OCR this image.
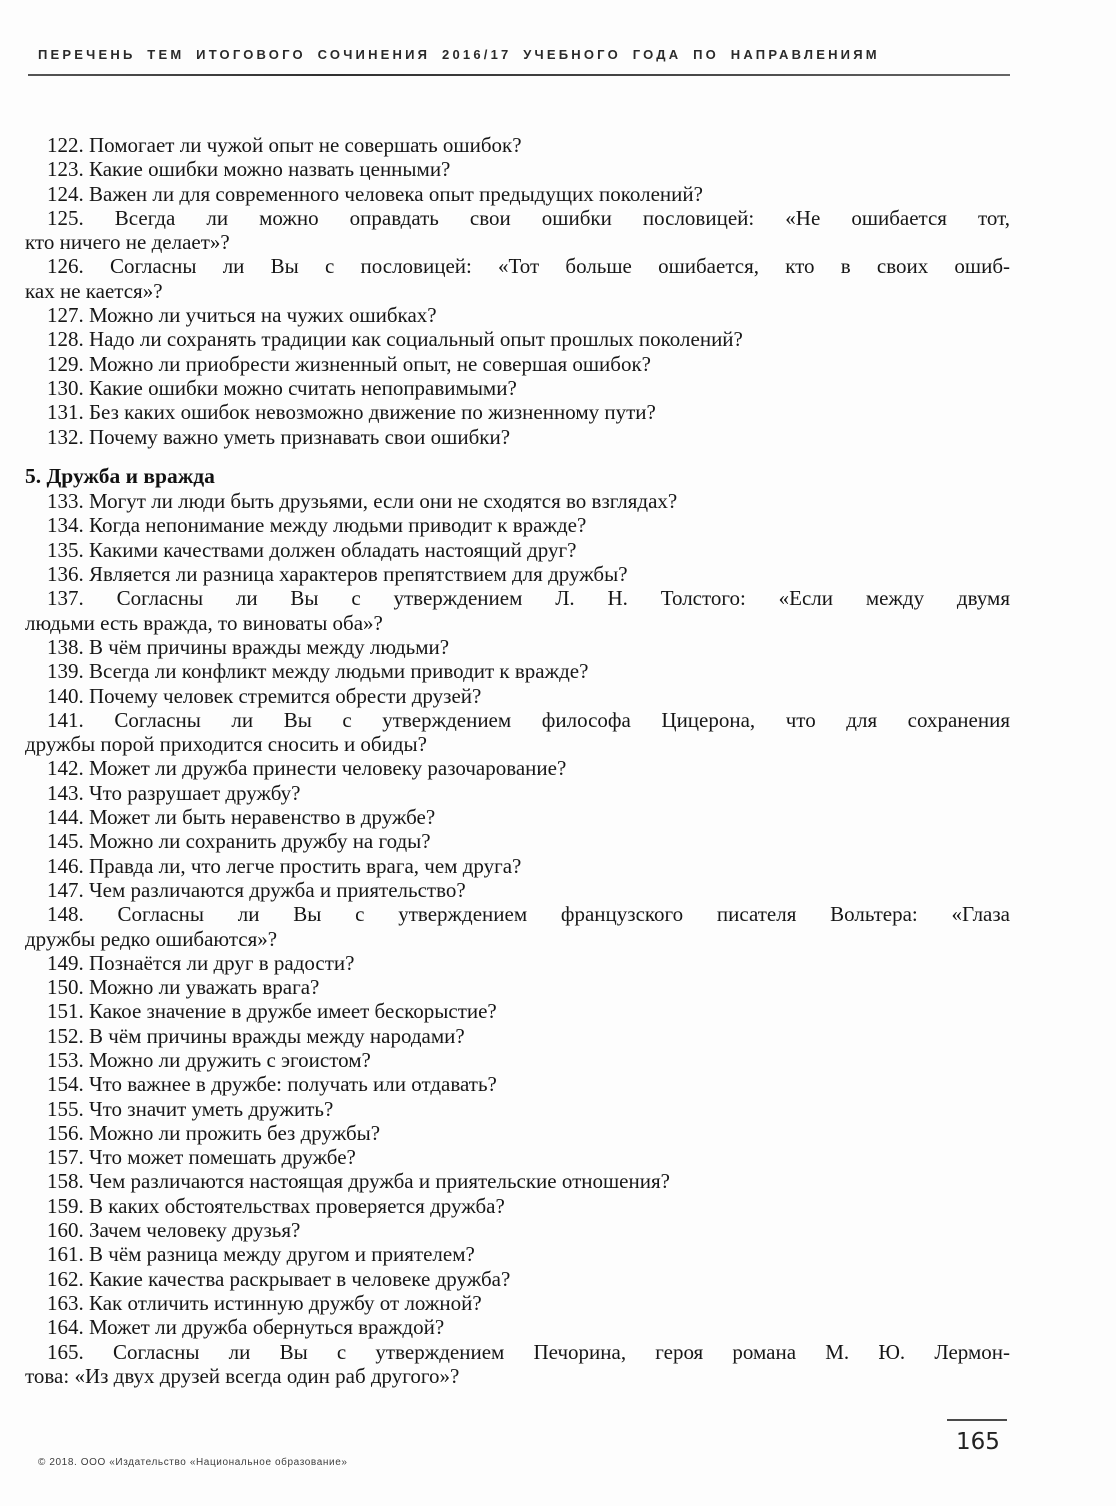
ПЕРЕЧЕНЬ ТЕМ ИТОГОВОГО СОЧИНЕНИЯ 2016/17 УЧЕБНОГО ГОДА ПО НАПРАВЛЕНИЯМ

122. Помогает ли чужой опыт не совершать ошибок?

123. Какие ошибки можно назвать ценными?

124. Важен ли для современного человека опыт предыдущих поколений?

125. Всегда ли можно оправдать свои ошибки пословицей: «Не ошибается тот,
кто ничего не делает»?

126. Согласны ли Вы с пословицей: «Тот больше ошибается, кто в своих ошиб-
ках не кается»?

127. Можно ли учиться на чужих ошибках?

128. Надо ли сохранять традиции как социальный опыт прошлых поколений?

129. Можно ли приобрести жизненный опыт, не совершая ошибок?

130. Какие ошибки можно считать непоправимыми?

131. Без каких ошибок невозможно движение по жизненному пути?

132. Почему важно уметь признавать свои ошибки?

5. Дружба и вражда

133. Могут ли люди быть друзьями, если они не сходятся во взглядах?

134. Когда непонимание между людьми приводит к вражде?

135. Какими качествами должен обладать настоящий друг?

136. Является ли разница характеров препятствием для дружбы?

137. Согласны ли Вы с утверждением Л. Н. Толстого: «Если между двумя
людьми есть вражда, то виноваты оба»?

138. В чём причины вражды между людьми?

139. Всегда ли конфликт между людьми приводит к вражде?

140. Почему человек стремится обрести друзей?

141. Согласны ли Вы с утверждением философа Цицерона, что для сохранения
дружбы порой приходится сносить и обиды?

142. Может ли дружба принести человеку разочарование?

143. Что разрушает дружбу?

144. Может ли быть неравенство в дружбе?

145. Можно ли сохранить дружбу на годы?

146. Правда ли, что легче простить врага, чем друга?

147. Чем различаются дружба и приятельство?

148. Согласны ли Вы с утверждением французского писателя Вольтера: «Глаза
дружбы редко ошибаются»?

149. Познаётся ли друг в радости?

150. Можно ли уважать врага?

151. Какое значение в дружбе имеет бескорыстие?

152. В чём причины вражды между народами?

153. Можно ли дружить с эгоистом?

154. Что важнее в дружбе: получать или отдавать?

155. Что значит уметь дружить?

156. Можно ли прожить без дружбы?

157. Что может помешать дружбе?

158. Чем различаются настоящая дружба и приятельские отношения?

159. В каких обстоятельствах проверяется дружба?

160. Зачем человеку друзья?

161. В чём разница между другом и приятелем?

162. Какие качества раскрывает в человеке дружба?

163. Как отличить истинную дружбу от ложной?

164. Может ли дружба обернуться враждой?

165. Согласны ли Вы с утверждением Печорина, героя романа М. Ю. Лермон-
това: «Из двух друзей всегда один раб другого»?

© 2018. ООО «Издательство «Национальное образование»
165
